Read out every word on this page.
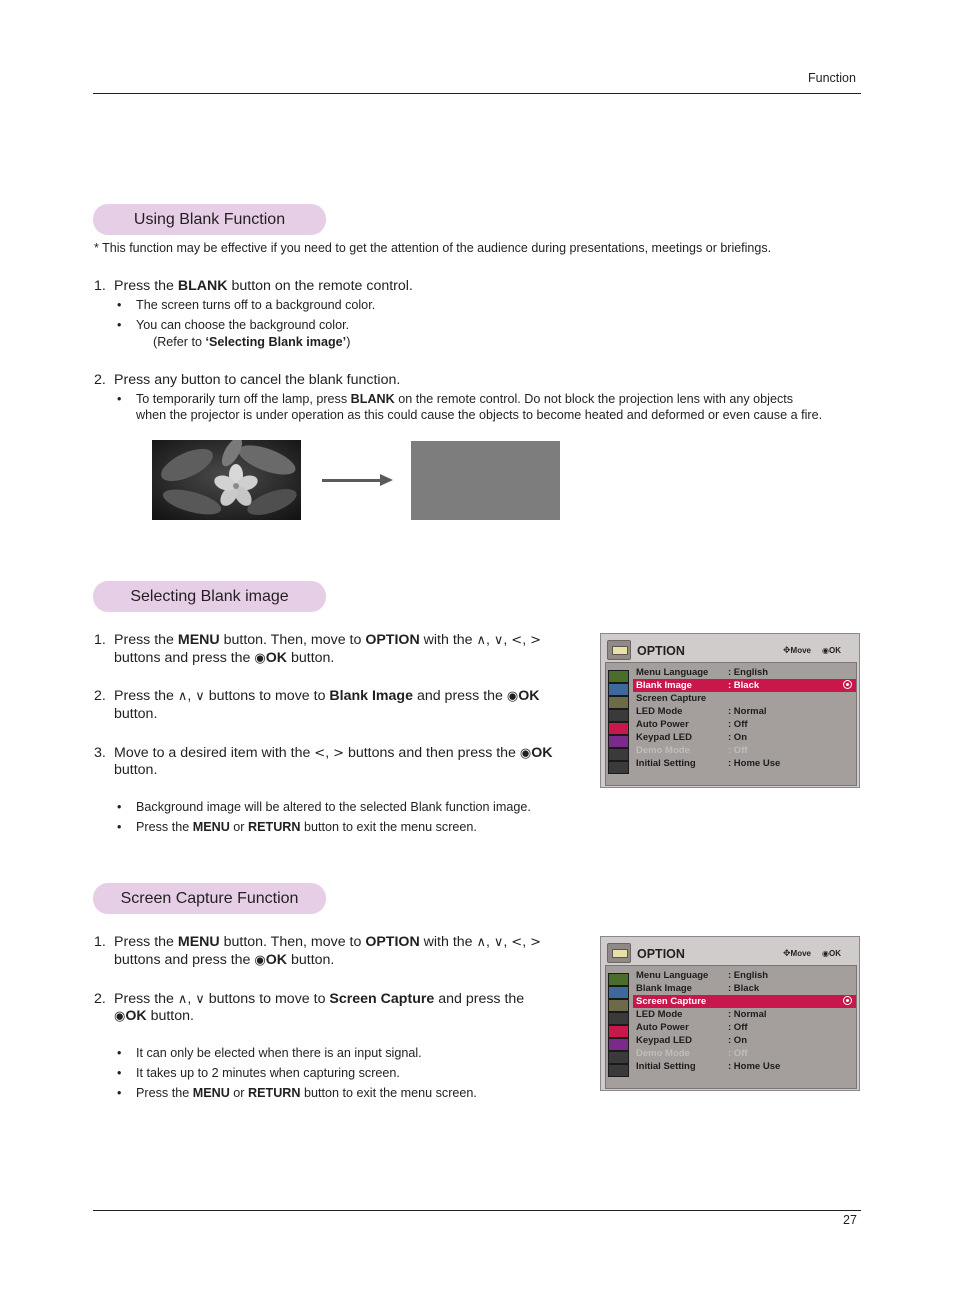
Function
Using Blank Function
* This function may be effective if you need to get the attention of the audience during presentations, meetings or briefings.
1. Press the BLANK button on the remote control.
• The screen turns off to a background color.
• You can choose the background color.
(Refer to ‘Selecting Blank image’)
2. Press any button to cancel the blank function.
• To temporarily turn off the lamp, press BLANK on the remote control. Do not block the projection lens with any objects
when the projector is under operation as this could cause the objects to become heated and deformed or even cause a fire.
Selecting Blank image
1. Press the MENU button. Then, move to OPTION with the ∧, ∨, <, >
buttons and press the ◉OK button.
2. Press the ∧, ∨ buttons to move to Blank Image and press the ◉OK
button.
3. Move to a desired item with the <, > buttons and then press the ◉OK
button.
• Background image will be altered to the selected Blank function image.
• Press the MENU or RETURN button to exit the menu screen.
OPTION	✥Move ◉OK
Menu Language : English
Blank Image	: Black
Screen Capture
LED Mode	: Normal
Auto Power	: Off
Keypad LED	: On
Demo Mode	: Off
Initial Setting	: Home Use
Screen Capture Function
1. Press the MENU button. Then, move to OPTION with the ∧, ∨, <, >
buttons and press the ◉OK button.
2. Press the ∧, ∨ buttons to move to Screen Capture and press the
◉OK button.
• It can only be elected when there is an input signal.
• It takes up to 2 minutes when capturing screen.
• Press the MENU or RETURN button to exit the menu screen.
OPTION	✥Move ◉OK
Menu Language : English
Blank Image	: Black
Screen Capture
LED Mode	: Normal
Auto Power	: Off
Keypad LED	: On
Demo Mode	: Off
Initial Setting	: Home Use
27
